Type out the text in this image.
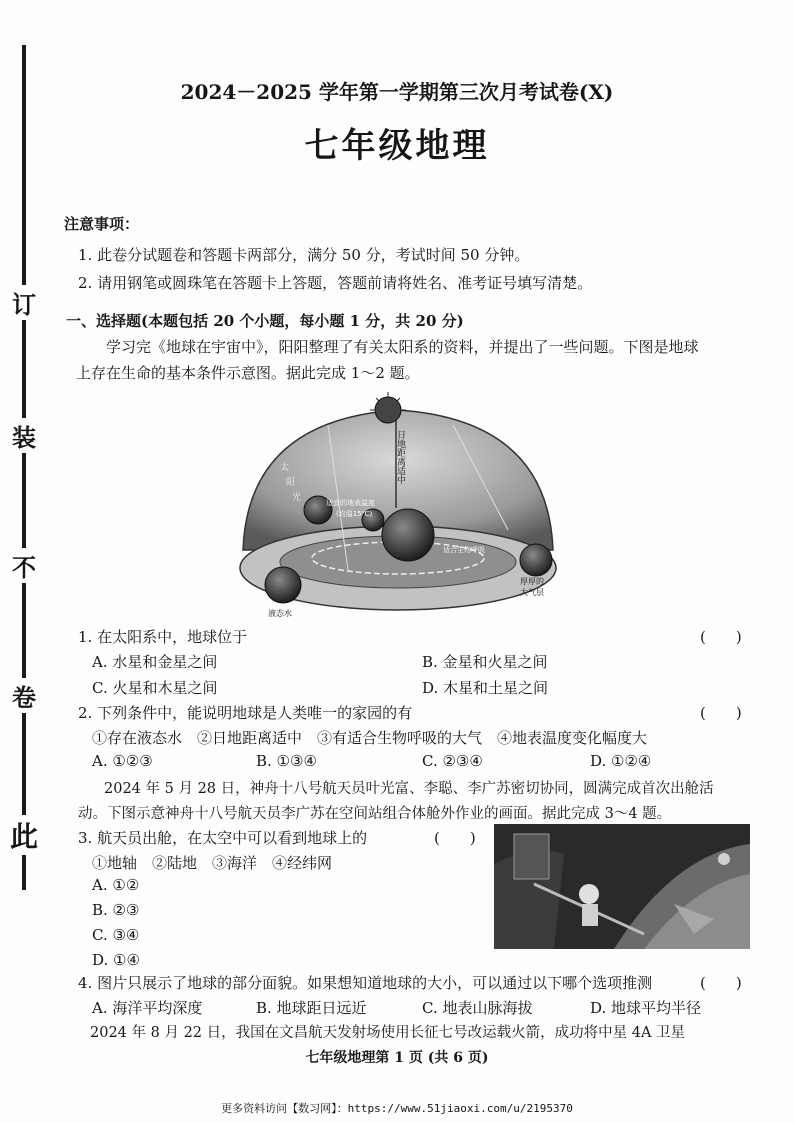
订
装
不
卷
此
2024－2025 学年第一学期第三次月考试卷(X)
七年级地理
注意事项：
1. 此卷分试题卷和答题卡两部分，满分 50 分，考试时间 50 分钟。
2. 请用钢笔或圆珠笔在答题卡上答题，答题前请将姓名、准考证号填写清楚。
一、选择题(本题包括 20 个小题，每小题 1 分，共 20 分)
学习完《地球在宇宙中》，阳阳整理了有关太阳系的资料，并提出了一些问题。下图是地球
上存在生命的基本条件示意图。据此完成 1～2 题。
日地距离适中
适宜的地表温度
(均温15℃)
适合生物呼吸
厚厚的
大气层
液态水
太
阳
光
1. 在太阳系中，地球位于	(　　)
A. 水星和金星之间	B. 金星和火星之间
C. 火星和木星之间	D. 木星和土星之间
2. 下列条件中，能说明地球是人类唯一的家园的有	(　　)
①存在液态水　②日地距离适中　③有适合生物呼吸的大气　④地表温度变化幅度大
A. ①②③	B. ①③④	C. ②③④	D. ①②④
2024 年 5 月 28 日，神舟十八号航天员叶光富、李聪、李广苏密切协同，圆满完成首次出舱活
动。下图示意神舟十八号航天员李广苏在空间站组合体舱外作业的画面。据此完成 3～4 题。
3. 航天员出舱，在太空中可以看到地球上的	(　　)
①地轴　②陆地　③海洋　④经纬网
A. ①②
B. ②③
C. ③④
D. ①④
4. 图片只展示了地球的部分面貌。如果想知道地球的大小，可以通过以下哪个选项推测	(　　)
A. 海洋平均深度	B. 地球距日远近	C. 地表山脉海拔	D. 地球平均半径
2024 年 8 月 22 日，我国在文昌航天发射场使用长征七号改运载火箭，成功将中星 4A 卫星
七年级地理第 1 页 (共 6 页)
更多资料访问【数习网】：https://www.51jiaoxi.com/u/2195370
